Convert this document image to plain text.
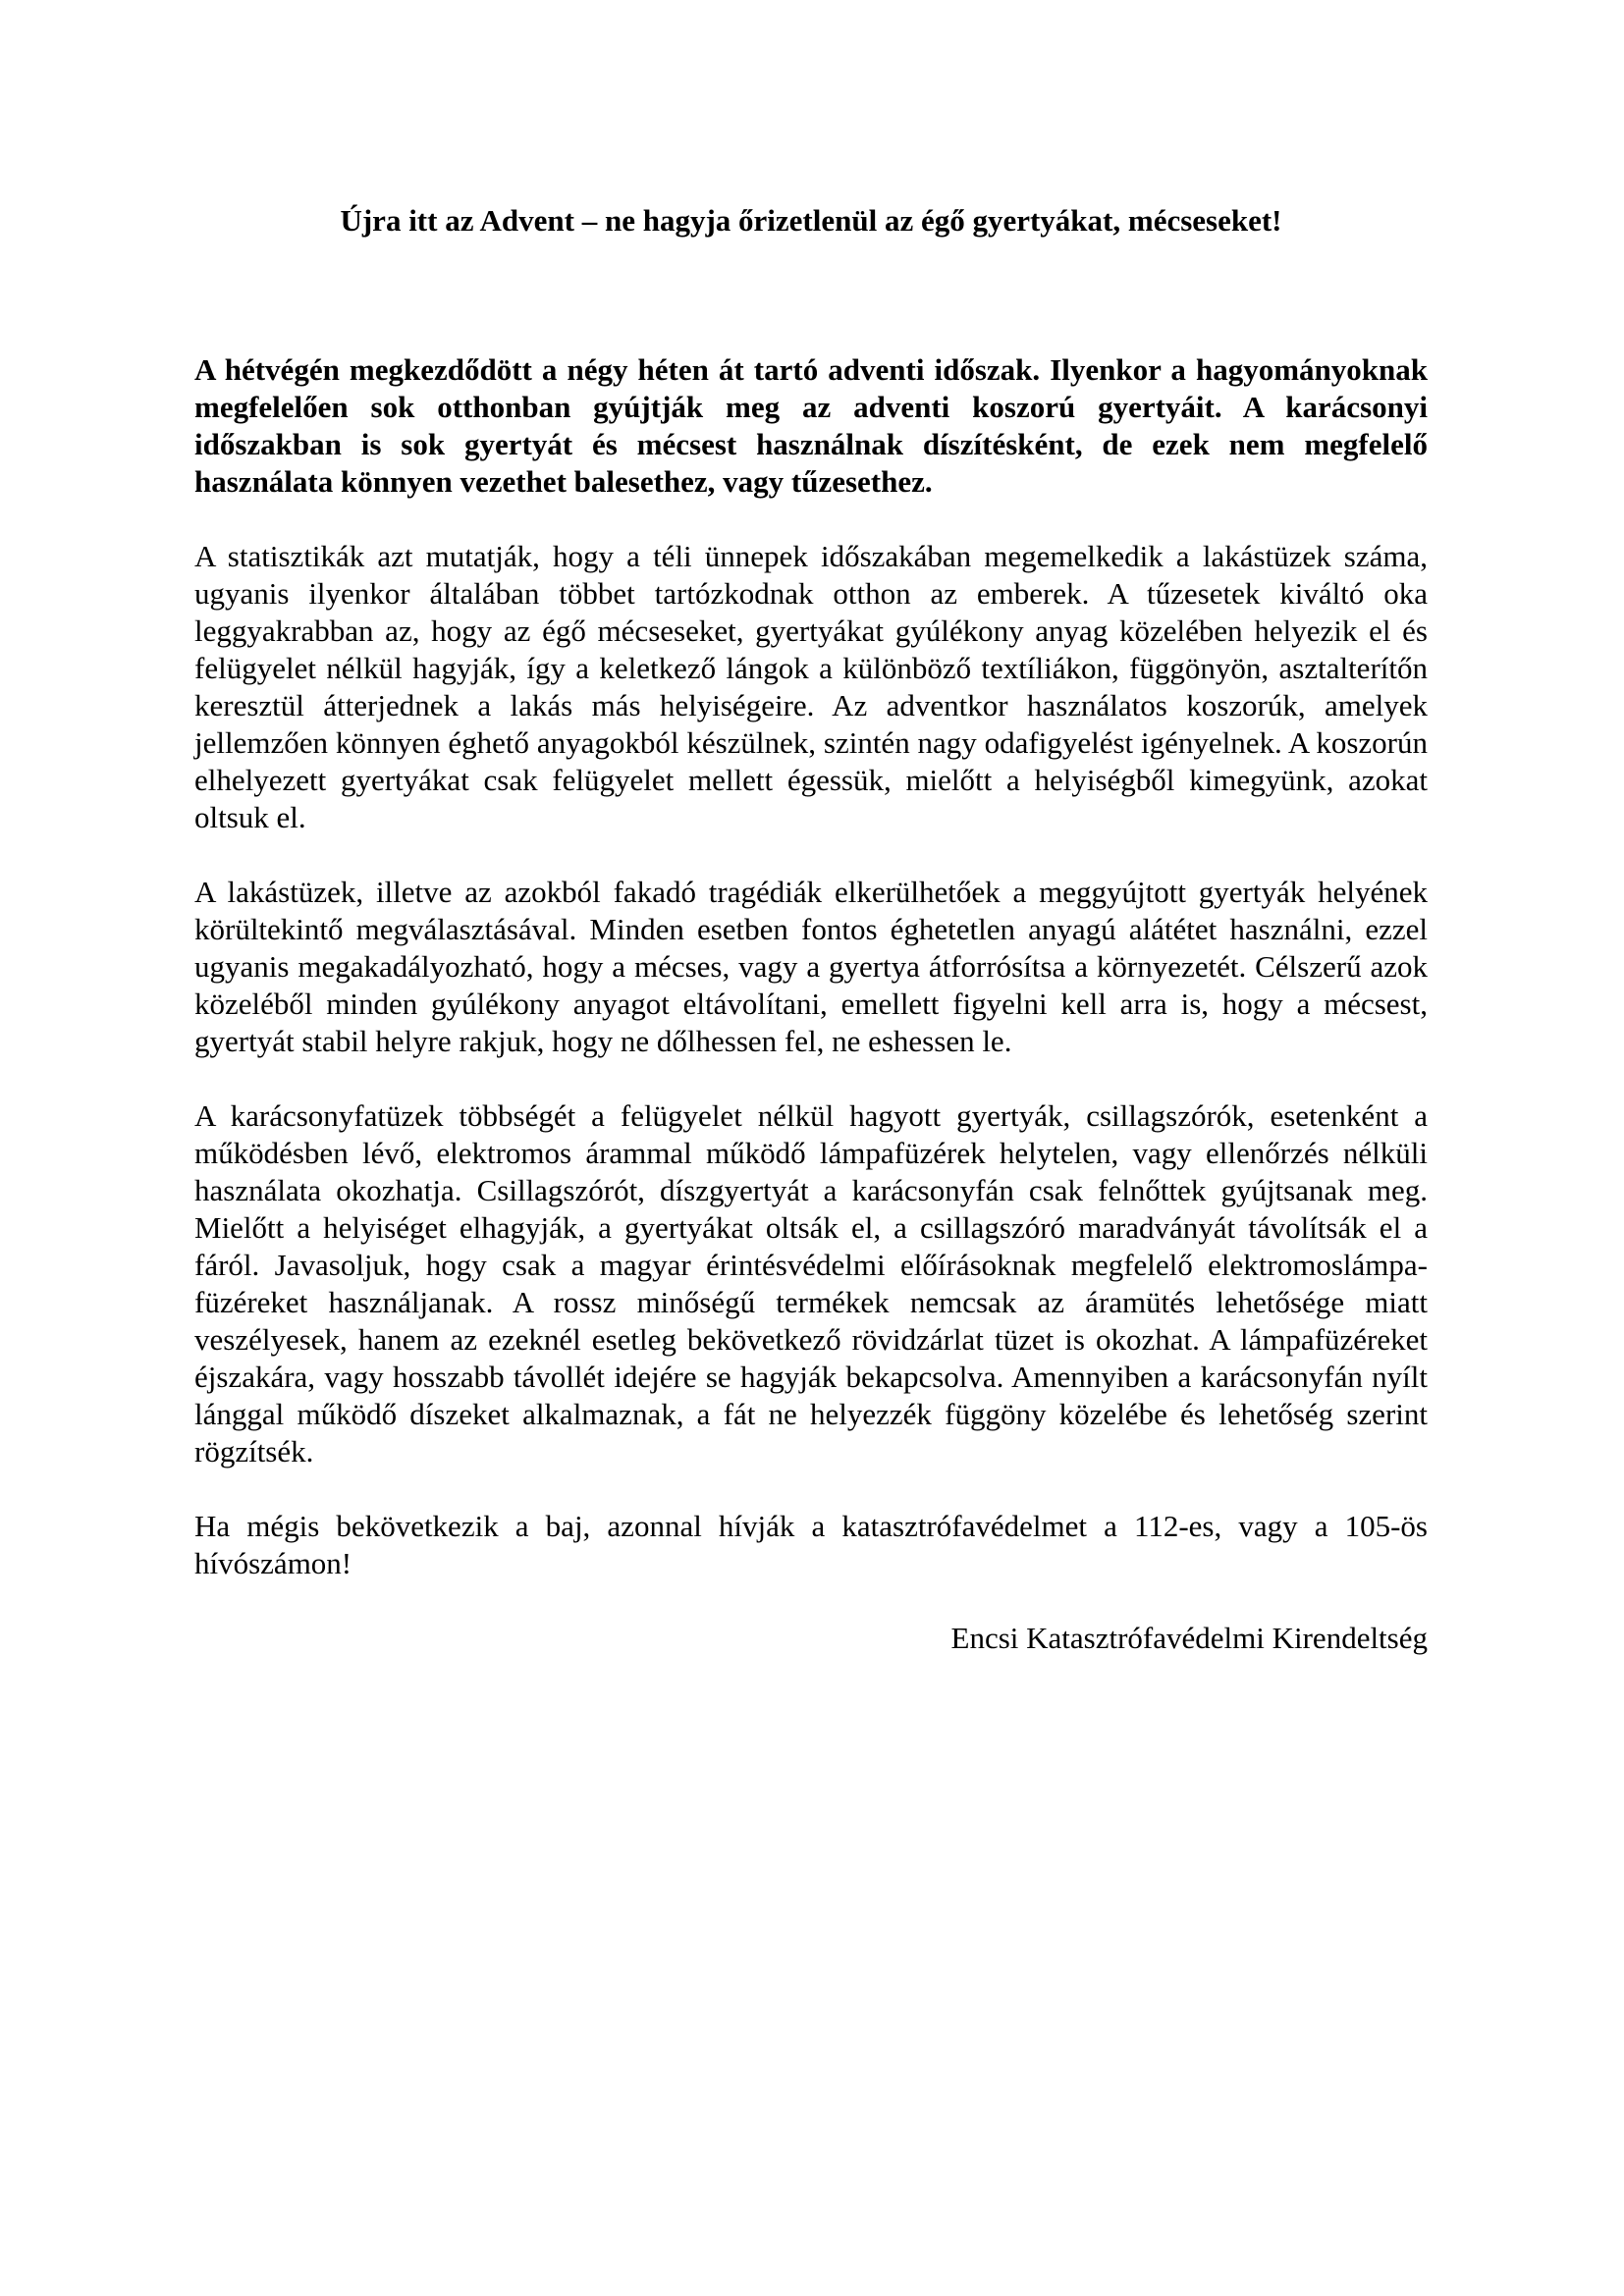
Újra itt az Advent – ne hagyja őrizetlenül az égő gyertyákat, mécseseket!

A hétvégén megkezdődött a négy héten át tartó adventi időszak. Ilyenkor a hagyományoknak megfelelően sok otthonban gyújtják meg az adventi koszorú gyertyáit. A karácsonyi időszakban is sok gyertyát és mécsest használnak díszítésként, de ezek nem megfelelő használata könnyen vezethet balesethez, vagy tűzesethez.

A statisztikák azt mutatják, hogy a téli ünnepek időszakában megemelkedik a lakástüzek száma, ugyanis ilyenkor általában többet tartózkodnak otthon az emberek. A tűzesetek kiváltó oka leggyakrabban az, hogy az égő mécseseket, gyertyákat gyúlékony anyag közelében helyezik el és felügyelet nélkül hagyják, így a keletkező lángok a különböző textíliákon, függönyön, asztalterítőn keresztül átterjednek a lakás más helyiségeire. Az adventkor használatos koszorúk, amelyek jellemzően könnyen éghető anyagokból készülnek, szintén nagy odafigyelést igényelnek. A koszorún elhelyezett gyertyákat csak felügyelet mellett égessük, mielőtt a helyiségből kimegyünk, azokat oltsuk el.

A lakástüzek, illetve az azokból fakadó tragédiák elkerülhetőek a meggyújtott gyertyák helyének körültekintő megválasztásával. Minden esetben fontos éghetetlen anyagú alátétet használni, ezzel ugyanis megakadályozható, hogy a mécses, vagy a gyertya átforrósítsa a környezetét. Célszerű azok közeléből minden gyúlékony anyagot eltávolítani, emellett figyelni kell arra is, hogy a mécsest, gyertyát stabil helyre rakjuk, hogy ne dőlhessen fel, ne eshessen le.

A karácsonyfatüzek többségét a felügyelet nélkül hagyott gyertyák, csillagszórók, esetenként a működésben lévő, elektromos árammal működő lámpafüzérek helytelen, vagy ellenőrzés nélküli használata okozhatja. Csillagszórót, díszgyertyát a karácsonyfán csak felnőttek gyújtsanak meg. Mielőtt a helyiséget elhagyják, a gyertyákat oltsák el, a csillagszóró maradványát távolítsák el a fáról. Javasoljuk, hogy csak a magyar érintésvédelmi előírásoknak megfelelő elektromoslámpa-füzéreket használjanak. A rossz minőségű termékek nemcsak az áramütés lehetősége miatt veszélyesek, hanem az ezeknél esetleg bekövetkező rövidzárlat tüzet is okozhat. A lámpafüzéreket éjszakára, vagy hosszabb távollét idejére se hagyják bekapcsolva. Amennyiben a karácsonyfán nyílt lánggal működő díszeket alkalmaznak, a fát ne helyezzék függöny közelébe és lehetőség szerint rögzítsék.

Ha mégis bekövetkezik a baj, azonnal hívják a katasztrófavédelmet a 112-es, vagy a 105-ös hívószámon!

Encsi Katasztrófavédelmi Kirendeltség
